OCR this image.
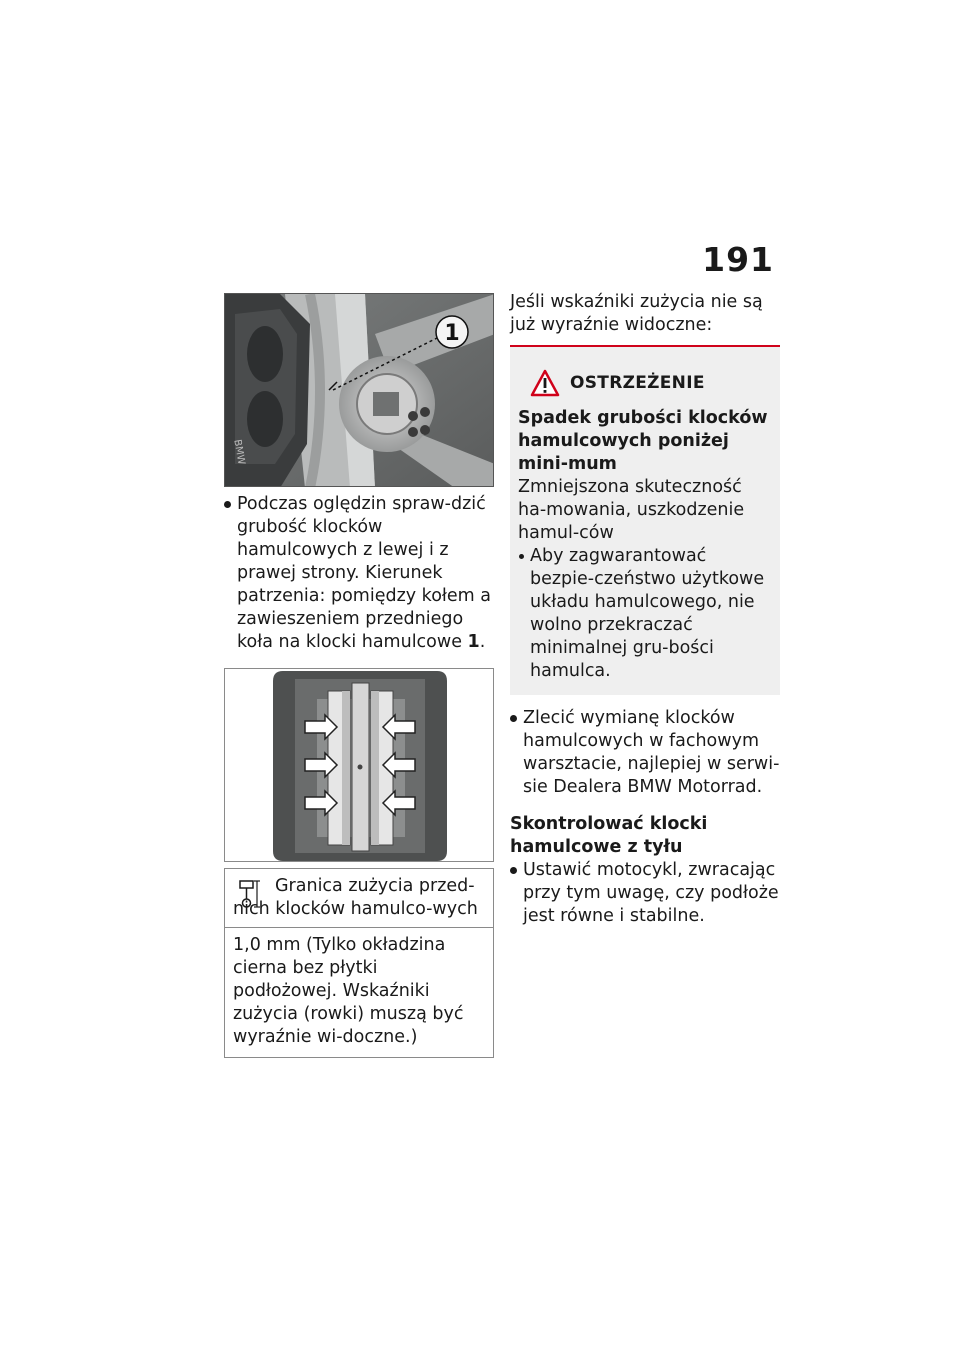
191
1
BMW
Podczas oględzin spraw-dzić grubość klocków hamulcowych z lewej i z prawej strony. Kierunek patrzenia: pomiędzy kołem a zawieszeniem przedniego koła na klocki hamulcowe 1.
Granica zużycia przed-nich klocków hamulco-wych
1,0 mm (Tylko okładzina cierna bez płytki podłożowej. Wskaźniki zużycia (rowki) muszą być wyraźnie wi-doczne.)
Jeśli wskaźniki zużycia nie są już wyraźnie widoczne:
OSTRZEŻENIE
Spadek grubości klocków hamulcowych poniżej mini-mum
Zmniejszona skuteczność ha-mowania, uszkodzenie hamul-ców
Aby zagwarantować bezpie-czeństwo użytkowe układu hamulcowego, nie wolno przekraczać minimalnej gru-bości hamulca.
Zlecić wymianę klocków hamulcowych w fachowym warsztacie, najlepiej w serwi-sie Dealera BMW Motorrad.
Skontrolować klocki hamulcowe z tyłu
Ustawić motocykl, zwracając przy tym uwagę, czy podłoże jest równe i stabilne.
